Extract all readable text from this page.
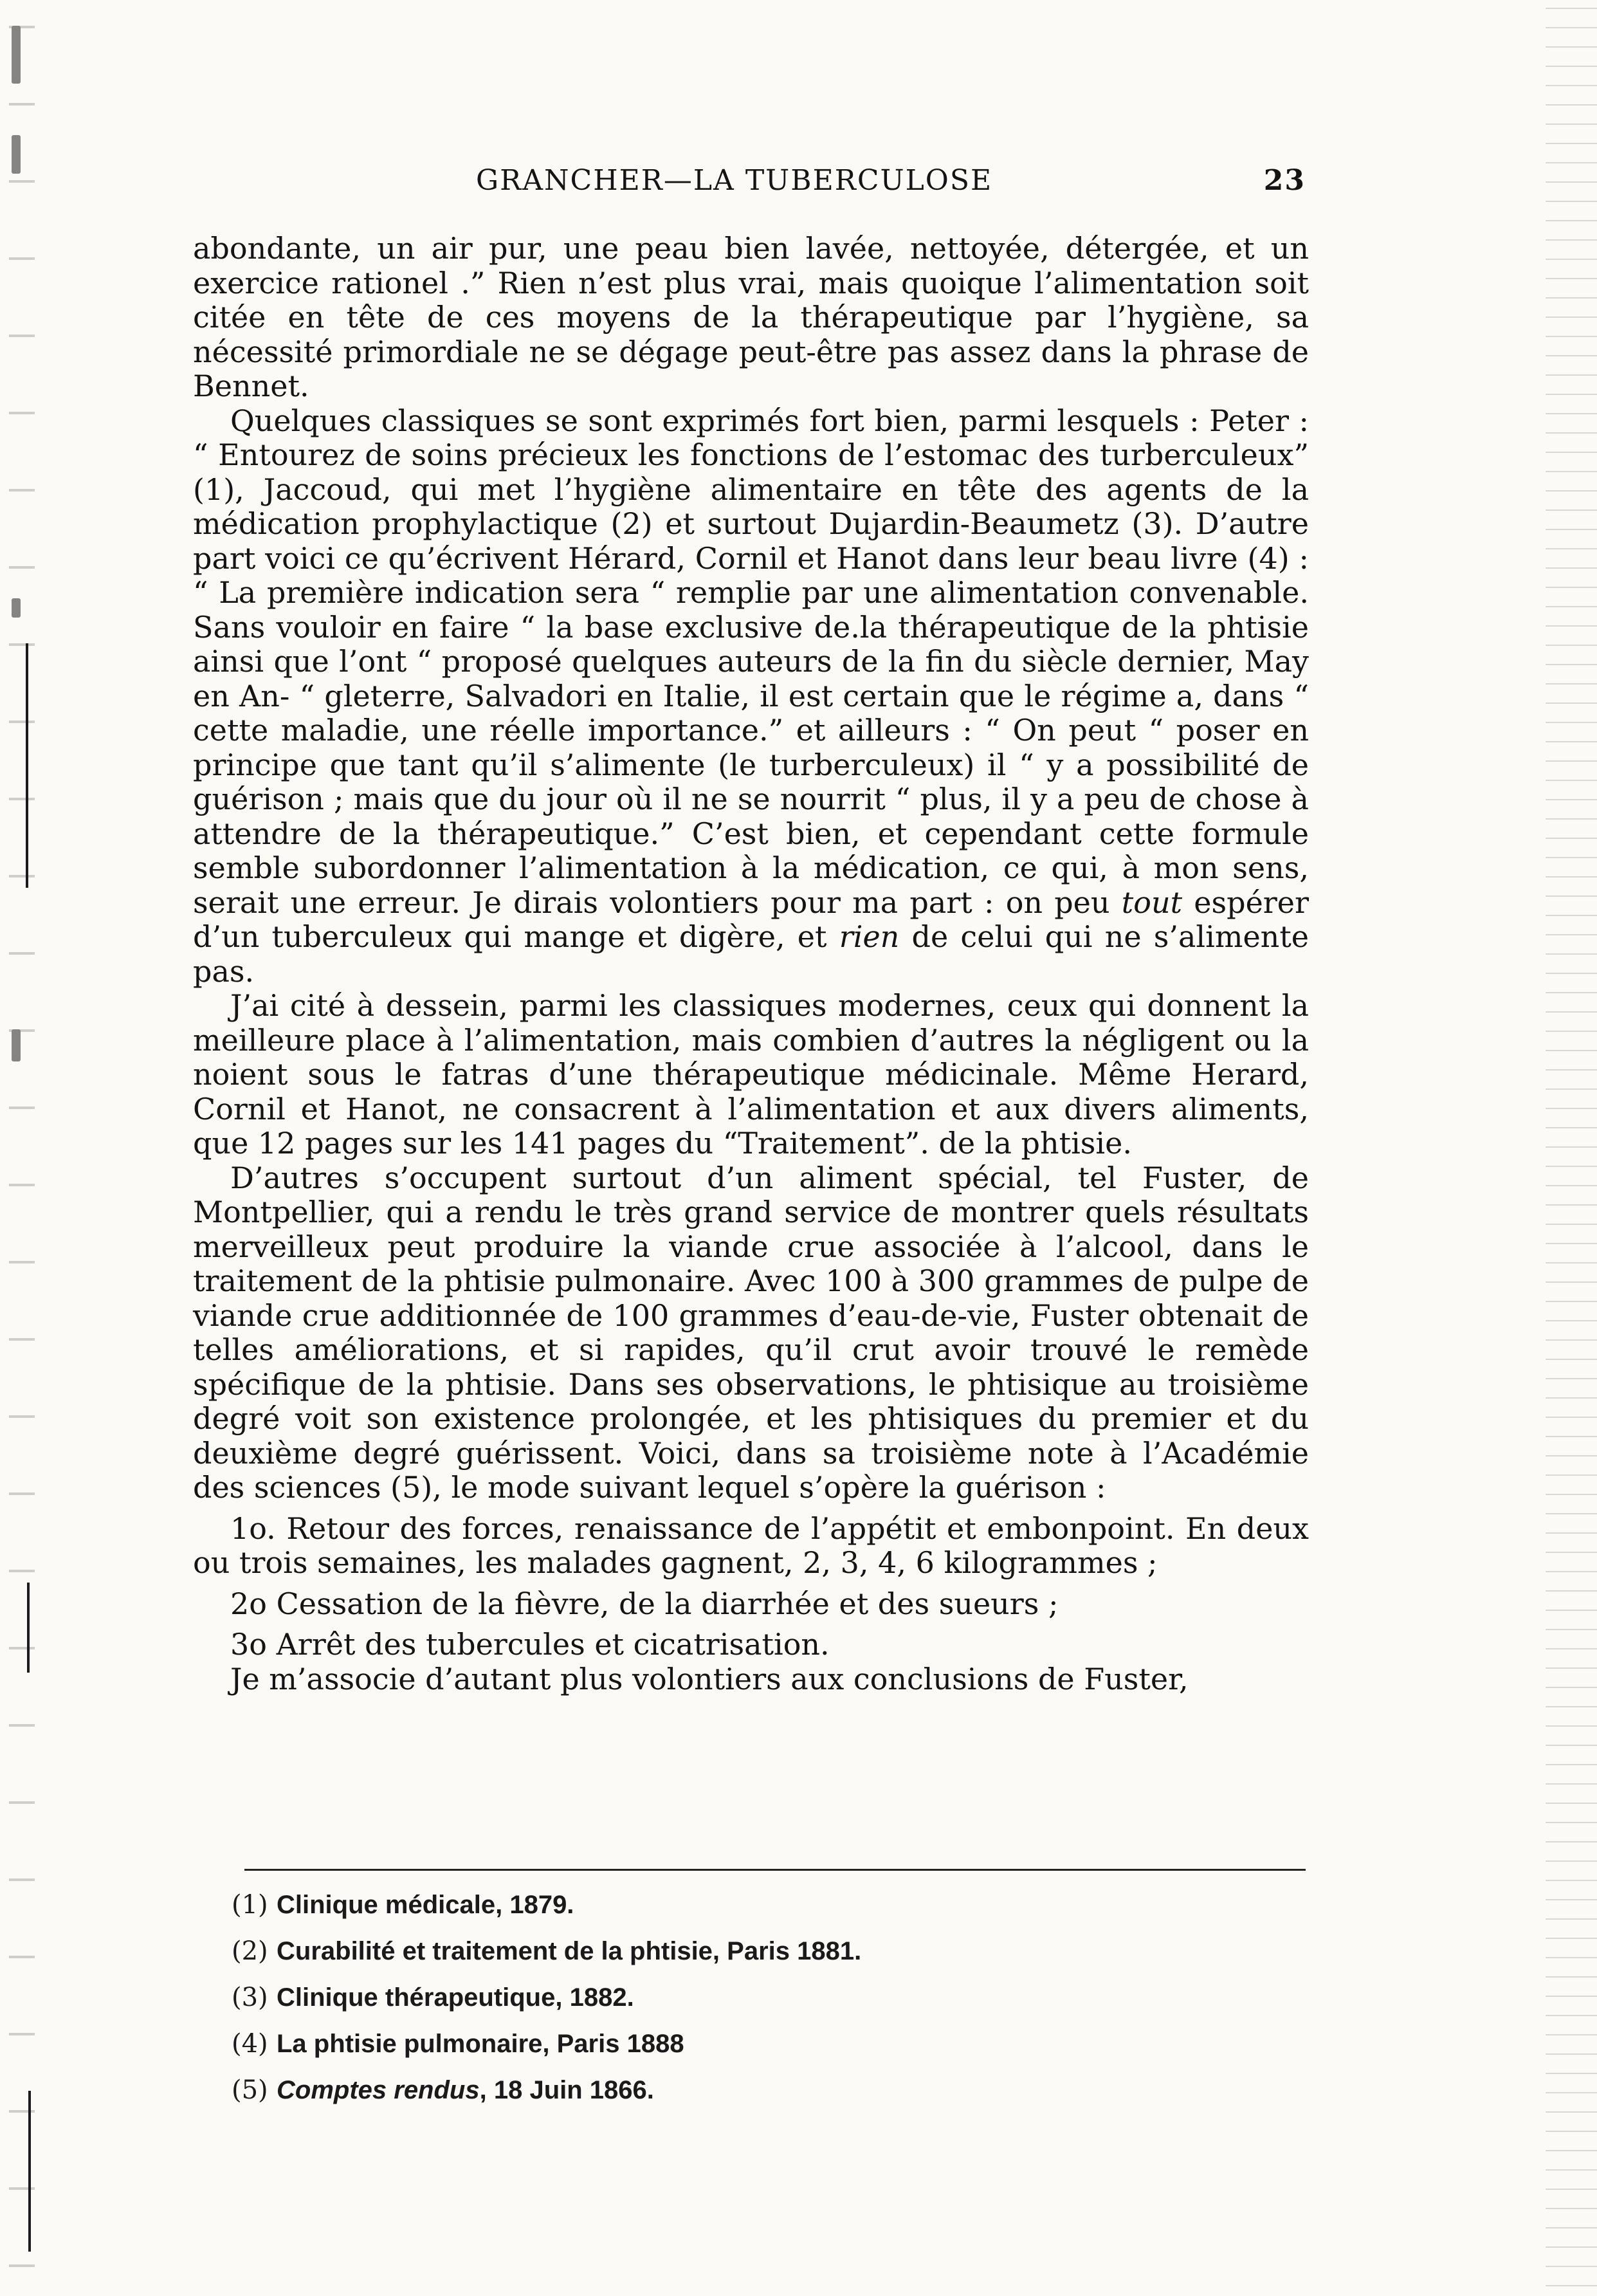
GRANCHER—LA TUBERCULOSE	23

abondante, un air pur, une peau bien lavée, nettoyée, détergée, et un exercice rationel .” Rien n’est plus vrai, mais quoique l’alimentation soit citée en tête de ces moyens de la thérapeutique par l’hygiène, sa nécessité primordiale ne se dégage peut-être pas assez dans la phrase de Bennet.

Quelques classiques se sont exprimés fort bien, parmi lesquels : Peter : “ Entourez de soins précieux les fonctions de l’estomac des turberculeux” (1), Jaccoud, qui met l’hygiène alimentaire en tête des agents de la médication prophylactique (2) et surtout Dujardin-Beaumetz (3). D’autre part voici ce qu’écrivent Hérard, Cornil et Hanot dans leur beau livre (4) : “ La première indication sera “ remplie par une alimentation convenable. Sans vouloir en faire “ la base exclusive de.la thérapeutique de la phtisie ainsi que l’ont “ proposé quelques auteurs de la fin du siècle dernier, May en An- “ gleterre, Salvadori en Italie, il est certain que le régime a, dans “ cette maladie, une réelle importance.” et ailleurs : “ On peut “ poser en principe que tant qu’il s’alimente (le turberculeux) il “ y a possibilité de guérison ; mais que du jour où il ne se nourrit “ plus, il y a peu de chose à attendre de la thérapeutique.” C’est bien, et cependant cette formule semble subordonner l’alimentation à la médication, ce qui, à mon sens, serait une erreur. Je dirais volontiers pour ma part : on peu tout espérer d’un tuberculeux qui mange et digère, et rien de celui qui ne s’alimente pas.

J’ai cité à dessein, parmi les classiques modernes, ceux qui donnent la meilleure place à l’alimentation, mais combien d’autres la négligent ou la noient sous le fatras d’une thérapeutique médicinale. Même Herard, Cornil et Hanot, ne consacrent à l’alimentation et aux divers aliments, que 12 pages sur les 141 pages du “Traitement”. de la phtisie.

D’autres s’occupent surtout d’un aliment spécial, tel Fuster, de Montpellier, qui a rendu le très grand service de montrer quels résultats merveilleux peut produire la viande crue associée à l’alcool, dans le traitement de la phtisie pulmonaire. Avec 100 à 300 grammes de pulpe de viande crue additionnée de 100 grammes d’eau-de-vie, Fuster obtenait de telles améliorations, et si rapides, qu’il crut avoir trouvé le remède spécifique de la phtisie. Dans ses observations, le phtisique au troisième degré voit son existence prolongée, et les phtisiques du premier et du deuxième degré guérissent. Voici, dans sa troisième note à l’Académie des sciences (5), le mode suivant lequel s’opère la guérison :

1o. Retour des forces, renaissance de l’appétit et embonpoint. En deux ou trois semaines, les malades gagnent, 2, 3, 4, 6 kilogrammes ;

2o Cessation de la fièvre, de la diarrhée et des sueurs ;

3o Arrêt des tubercules et cicatrisation.

Je m’associe d’autant plus volontiers aux conclusions de Fuster,

(1) Clinique médicale, 1879.
(2) Curabilité et traitement de la phtisie, Paris 1881.
(3) Clinique thérapeutique, 1882.
(4) La phtisie pulmonaire, Paris 1888
(5) Comptes rendus, 18 Juin 1866.
